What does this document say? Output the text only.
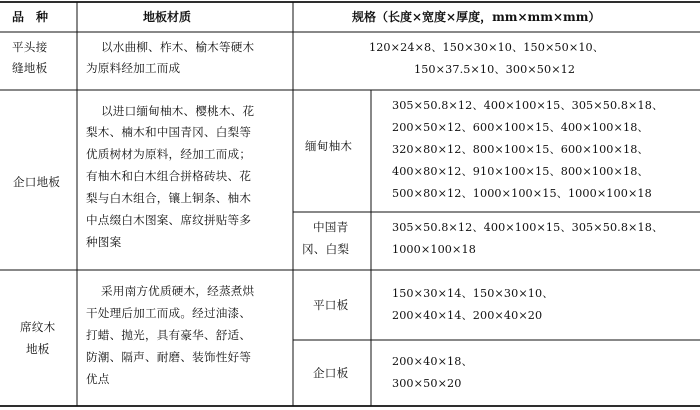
品　种	地板材质	规格（长度×宽度×厚度，mm×mm×mm）
平头接
缝地板
以水曲柳、柞木、榆木等硬木
为原料经加工而成
120×24×8、150×30×10、150×50×10、
150×37.5×10、300×50×12
企口地板
以进口缅甸柚木、樱桃木、花
梨木、楠木和中国青冈、白梨等
优质树材为原料，经加工而成；
有柚木和白木组合拼格砖块、花
梨与白木组合，镶上铜条、柚木
中点缀白木图案、席纹拼贴等多
种图案
缅甸柚木
305×50.8×12、400×100×15、305×50.8×18、
200×50×12、600×100×15、400×100×18、
320×80×12、800×100×15、600×100×18、
400×80×12、910×100×15、800×100×18、
500×80×12、1000×100×15、1000×100×18
中国青
冈、白梨
305×50.8×12、400×100×15、305×50.8×18、
1000×100×18
席纹木
地板
采用南方优质硬木，经蒸煮烘
干处理后加工而成。经过油漆、
打蜡、抛光，具有豪华、舒适、
防潮、隔声、耐磨、装饰性好等
优点
平口板
150×30×14、150×30×10、
200×40×14、200×40×20
企口板
200×40×18、
300×50×20
